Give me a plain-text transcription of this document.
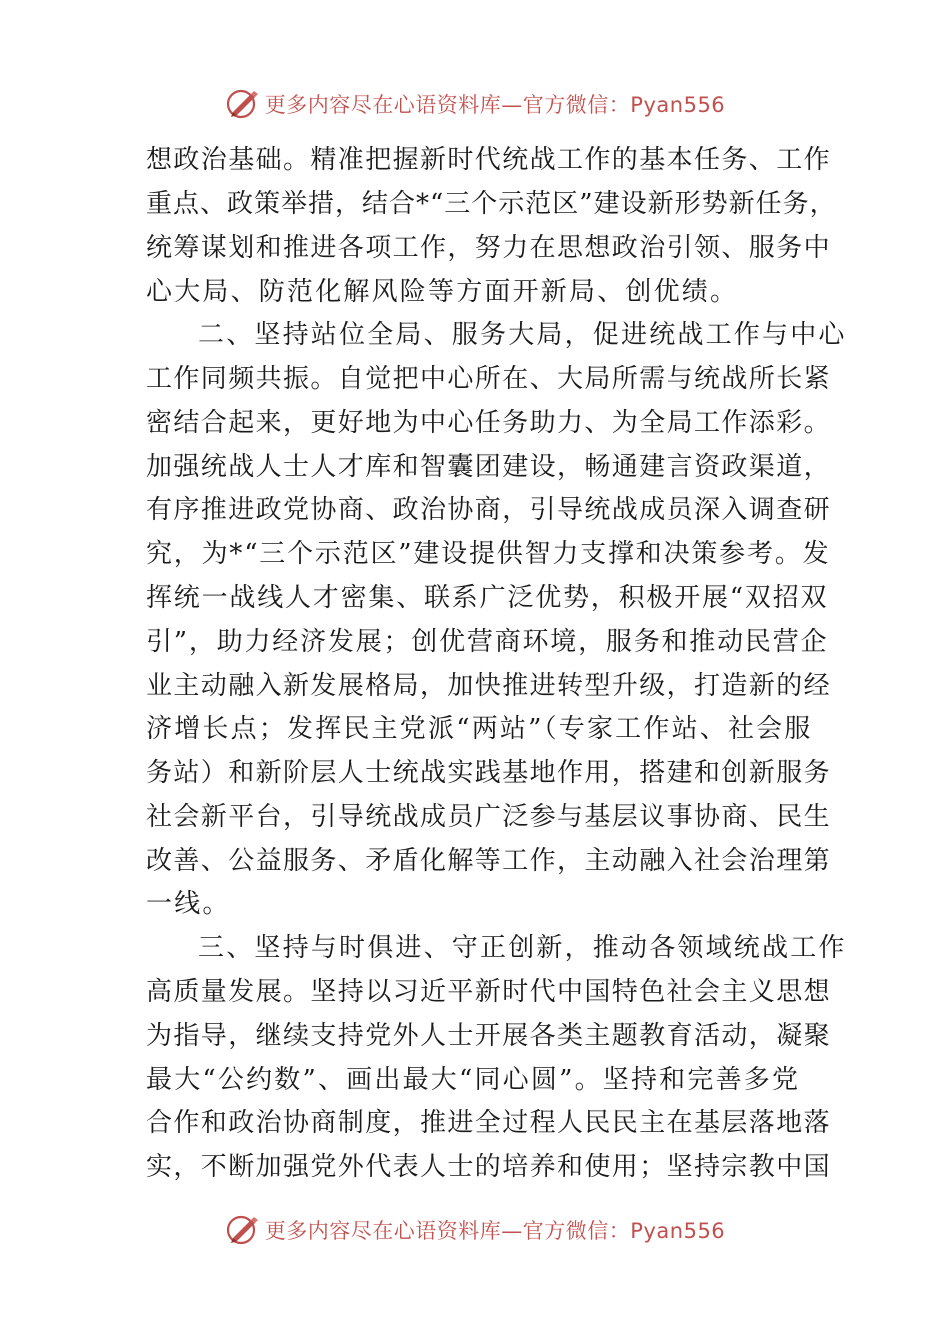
更多内容尽在心语资料库—官方微信：Pyan556
想政治基础。精准把握新时代统战工作的基本任务、工作
重点、政策举措，结合*“三个示范区”建设新形势新任务，
统筹谋划和推进各项工作，努力在思想政治引领、服务中
心大局、防范化解风险等方面开新局、创优绩。
二、坚持站位全局、服务大局，促进统战工作与中心
工作同频共振。自觉把中心所在、大局所需与统战所长紧
密结合起来，更好地为中心任务助力、为全局工作添彩。
加强统战人士人才库和智囊团建设，畅通建言资政渠道，
有序推进政党协商、政治协商，引导统战成员深入调查研
究，为*“三个示范区”建设提供智力支撑和决策参考。发
挥统一战线人才密集、联系广泛优势，积极开展“双招双
引”，助力经济发展；创优营商环境，服务和推动民营企
业主动融入新发展格局，加快推进转型升级，打造新的经
济增长点；发挥民主党派“两站”（专家工作站、社会服
务站）和新阶层人士统战实践基地作用，搭建和创新服务
社会新平台，引导统战成员广泛参与基层议事协商、民生
改善、公益服务、矛盾化解等工作，主动融入社会治理第
一线。
三、坚持与时俱进、守正创新，推动各领域统战工作
高质量发展。坚持以习近平新时代中国特色社会主义思想
为指导，继续支持党外人士开展各类主题教育活动，凝聚
最大“公约数”、画出最大“同心圆”。坚持和完善多党
合作和政治协商制度，推进全过程人民民主在基层落地落
实，不断加强党外代表人士的培养和使用；坚持宗教中国
更多内容尽在心语资料库—官方微信：Pyan556
